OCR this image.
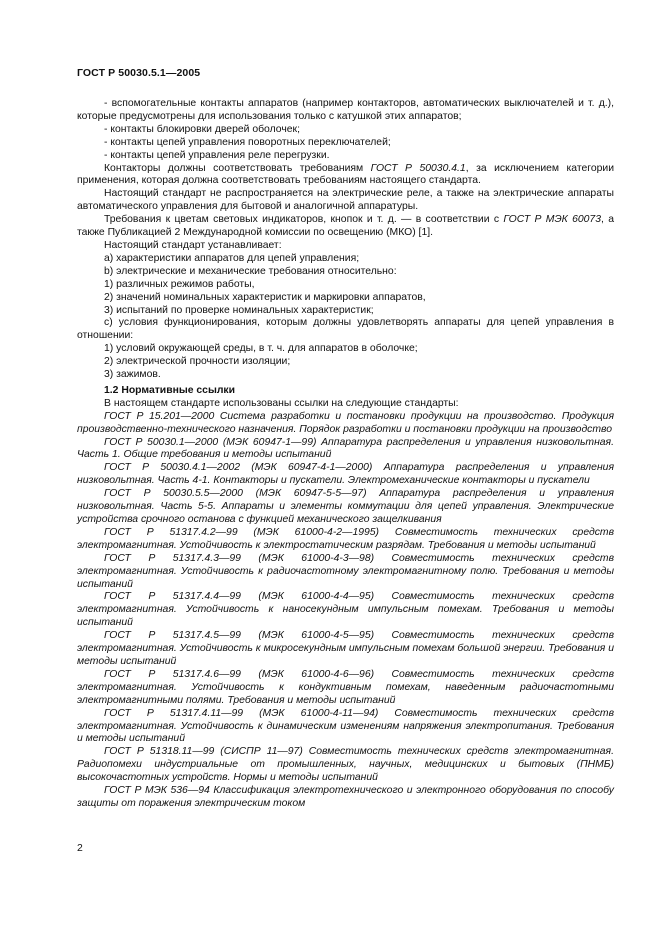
ГОСТ Р 50030.5.1—2005

- вспомогательные контакты аппаратов (например контакторов, автоматических выключателей и т. д.), которые предусмотрены для использования только с катушкой этих аппаратов;

- контакты блокировки дверей оболочек;

- контакты цепей управления поворотных переключателей;

- контакты цепей управления реле перегрузки.

Контакторы должны соответствовать требованиям ГОСТ Р 50030.4.1, за исключением категории применения, которая должна соответствовать требованиям настоящего стандарта.

Настоящий стандарт не распространяется на электрические реле, а также на электрические аппараты автоматического управления для бытовой и аналогичной аппаратуры.

Требования к цветам световых индикаторов, кнопок и т. д. — в соответствии с ГОСТ Р МЭК 60073, а также Публикацией 2 Международной комиссии по освещению (МКО) [1].

Настоящий стандарт устанавливает:

a) характеристики аппаратов для цепей управления;

b) электрические и механические требования относительно:

1) различных режимов работы,

2) значений номинальных характеристик и маркировки аппаратов,

3) испытаний по проверке номинальных характеристик;

c) условия функционирования, которым должны удовлетворять аппараты для цепей управления в отношении:

1) условий окружающей среды, в т. ч. для аппаратов в оболочке;

2) электрической прочности изоляции;

3) зажимов.

1.2 Нормативные ссылки

В настоящем стандарте использованы ссылки на следующие стандарты:

ГОСТ Р 15.201—2000 Система разработки и постановки продукции на производство. Продукция производственно-технического назначения. Порядок разработки и постановки продукции на производство

ГОСТ Р 50030.1—2000 (МЭК 60947-1—99) Аппаратура распределения и управления низковольтная. Часть 1. Общие требования и методы испытаний

ГОСТ Р 50030.4.1—2002 (МЭК 60947-4-1—2000) Аппаратура распределения и управления низковольтная. Часть 4-1. Контакторы и пускатели. Электромеханические контакторы и пускатели

ГОСТ Р 50030.5.5—2000 (МЭК 60947-5-5—97) Аппаратура распределения и управления низковольтная. Часть 5-5. Аппараты и элементы коммутации для цепей управления. Электрические устройства срочного останова с функцией механического защелкивания

ГОСТ Р 51317.4.2—99 (МЭК 61000-4-2—1995) Совместимость технических средств электромагнитная. Устойчивость к электростатическим разрядам. Требования и методы испытаний

ГОСТ Р 51317.4.3—99 (МЭК 61000-4-3—98) Совместимость технических средств электромагнитная. Устойчивость к радиочастотному электромагнитному полю. Требования и методы испытаний

ГОСТ Р 51317.4.4—99 (МЭК 61000-4-4—95) Совместимость технических средств электромагнитная. Устойчивость к наносекундным импульсным помехам. Требования и методы испытаний

ГОСТ Р 51317.4.5—99 (МЭК 61000-4-5—95) Совместимость технических средств электромагнитная. Устойчивость к микросекундным импульсным помехам большой энергии. Требования и методы испытаний

ГОСТ Р 51317.4.6—99 (МЭК 61000-4-6—96) Совместимость технических средств электромагнитная. Устойчивость к кондуктивным помехам, наведенным радиочастотными электромагнитными полями. Требования и методы испытаний

ГОСТ Р 51317.4.11—99 (МЭК 61000-4-11—94) Совместимость технических средств электромагнитная. Устойчивость к динамическим изменениям напряжения электропитания. Требования и методы испытаний

ГОСТ Р 51318.11—99 (СИСПР 11—97) Совместимость технических средств электромагнитная. Радиопомехи индустриальные от промышленных, научных, медицинских и бытовых (ПНМБ) высокочастотных устройств. Нормы и методы испытаний

ГОСТ Р МЭК 536—94 Классификация электротехнического и электронного оборудования по способу защиты от поражения электрическим током

2
